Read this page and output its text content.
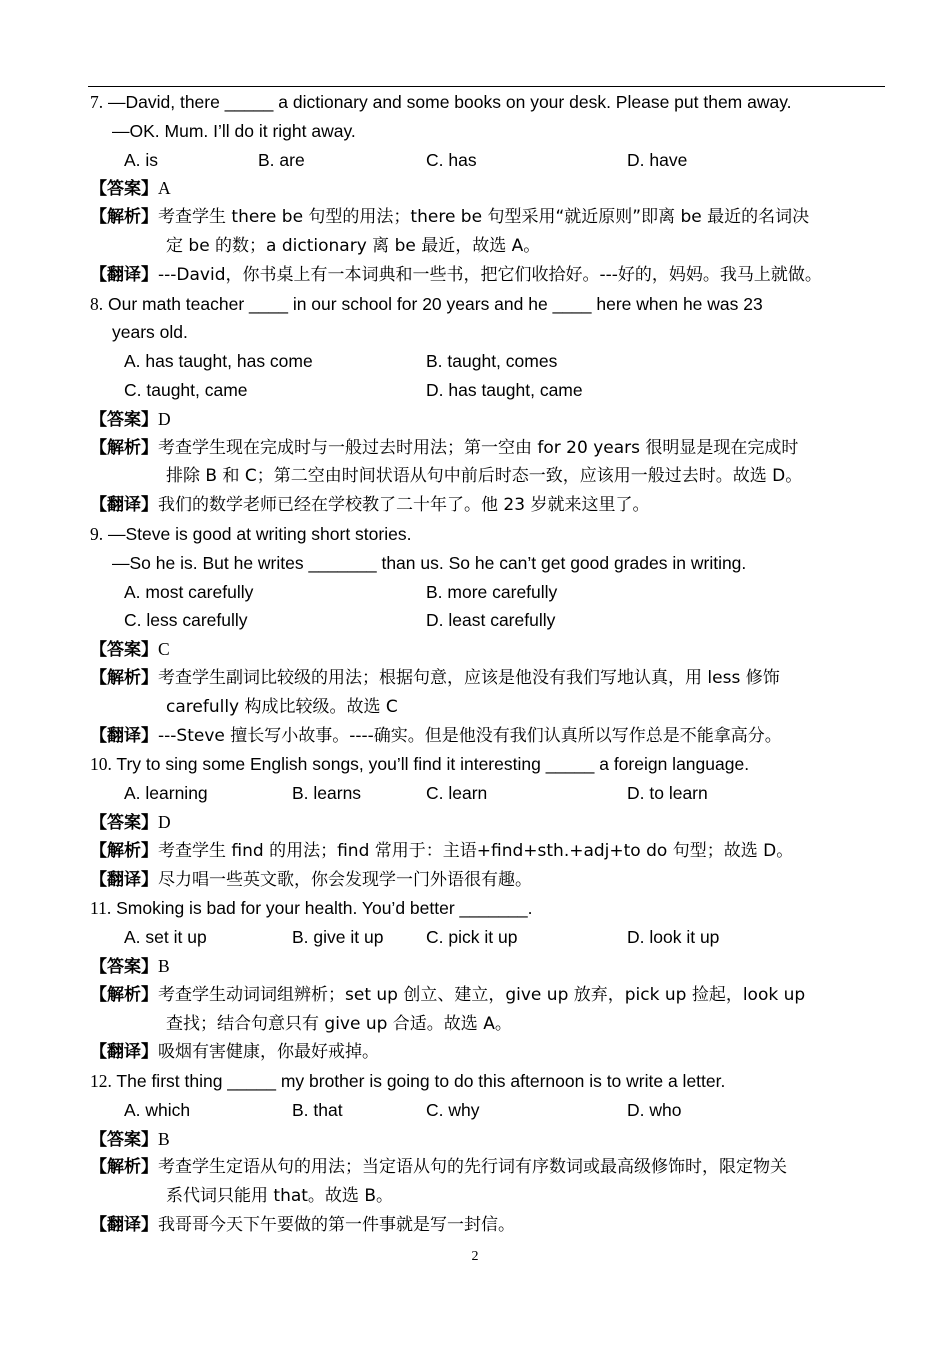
7. —David, there _____ a dictionary and some books on your desk. Please put them away.
—OK. Mum. I’ll do it right away.
A. is	B. are	C. has	D. have
【答案】A
【解析】考查学生 there be 句型的用法；there be 句型采用“就近原则”即离 be 最近的名词决
定 be 的数；a dictionary 离 be 最近，故选 A。
【翻译】---David，你书桌上有一本词典和一些书，把它们收拾好。---好的，妈妈。我马上就做。
8. Our math teacher ____ in our school for 20 years and he ____ here when he was 23
years old.
A. has taught, has come	B. taught, comes
C. taught, came	D. has taught, came
【答案】D
【解析】考查学生现在完成时与一般过去时用法；第一空由 for 20 years 很明显是现在完成时
排除 B 和 C；第二空由时间状语从句中前后时态一致，应该用一般过去时。故选 D。
【翻译】我们的数学老师已经在学校教了二十年了。他 23 岁就来这里了。
9. —Steve is good at writing short stories.
—So he is. But he writes _______ than us. So he can’t get good grades in writing.
A. most carefully	B. more carefully
C. less carefully	D. least carefully
【答案】C
【解析】考查学生副词比较级的用法；根据句意，应该是他没有我们写地认真，用 less 修饰
carefully 构成比较级。故选 C
【翻译】---Steve 擅长写小故事。----确实。但是他没有我们认真所以写作总是不能拿高分。
10. Try to sing some English songs, you’ll find it interesting _____ a foreign language.
A. learning	B. learns	C. learn	D. to learn
【答案】D
【解析】考查学生 find 的用法；find 常用于：主语+find+sth.+adj+to do 句型；故选 D。
【翻译】尽力唱一些英文歌，你会发现学一门外语很有趣。
11. Smoking is bad for your health. You’d better _______.
A. set it up	B. give it up C. pick it up	D. look it up
【答案】B
【解析】考查学生动词词组辨析；set up 创立、建立，give up 放弃，pick up 捡起，look up
查找；结合句意只有 give up 合适。故选 A。
【翻译】吸烟有害健康，你最好戒掉。
12. The first thing _____ my brother is going to do this afternoon is to write a letter.
A. which	B. that	C. why	D. who
【答案】B
【解析】考查学生定语从句的用法；当定语从句的先行词有序数词或最高级修饰时，限定物关
系代词只能用 that。故选 B。
【翻译】我哥哥今天下午要做的第一件事就是写一封信。
2
